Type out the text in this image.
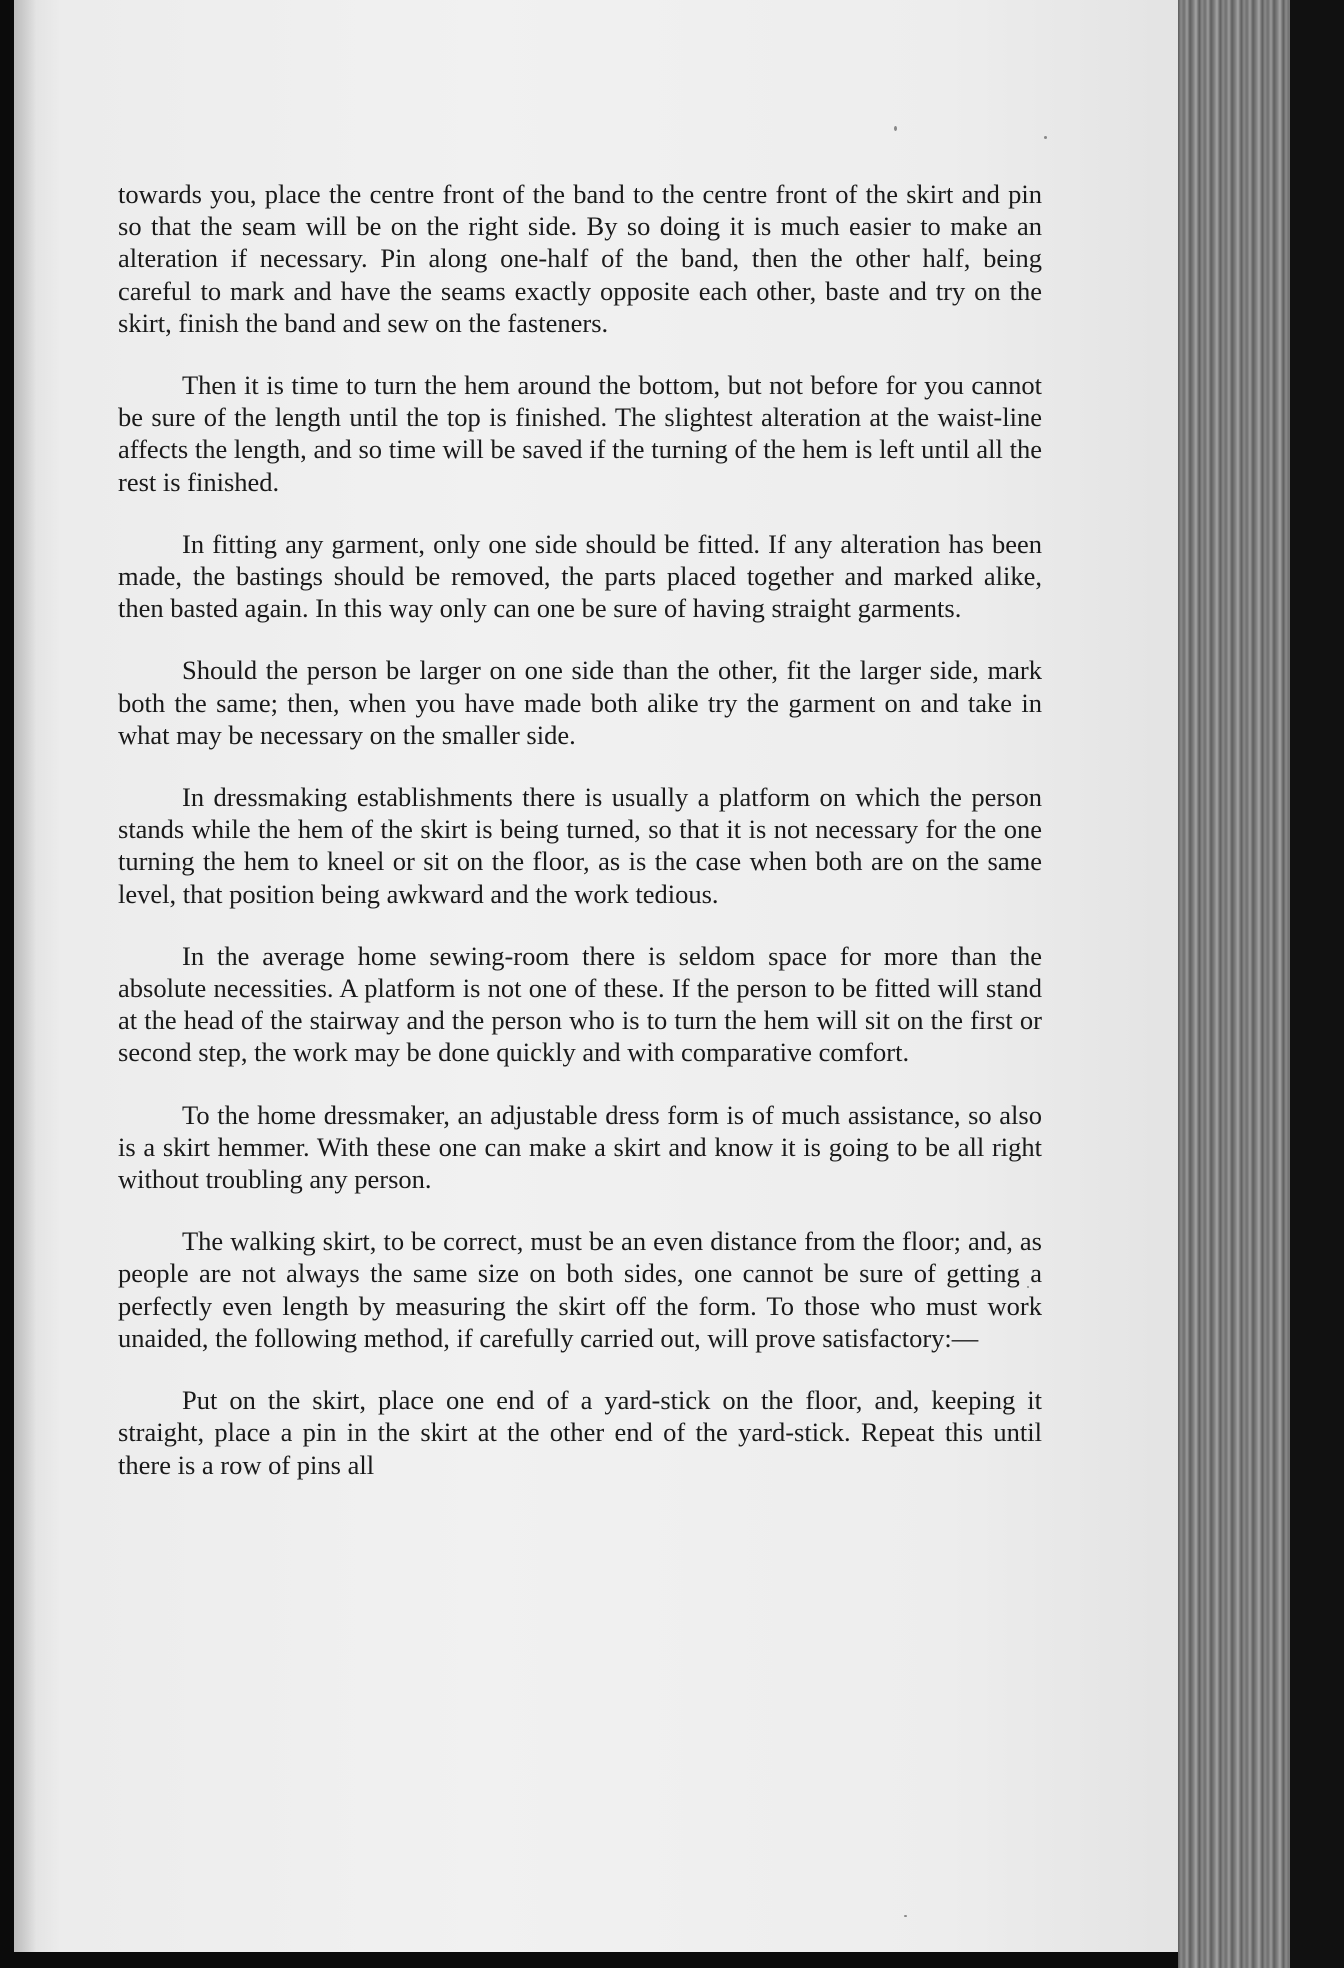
towards you, place the centre front of the band to the centre front of the skirt and pin so that the seam will be on the right side. By so doing it is much easier to make an alteration if necessary. Pin along one-half of the band, then the other half, being careful to mark and have the seams exactly opposite each other, baste and try on the skirt, finish the band and sew on the fasteners.

Then it is time to turn the hem around the bottom, but not before for you cannot be sure of the length until the top is finished. The slightest alteration at the waist-line affects the length, and so time will be saved if the turning of the hem is left until all the rest is finished.

In fitting any garment, only one side should be fitted. If any alteration has been made, the bastings should be removed, the parts placed together and marked alike, then basted again. In this way only can one be sure of having straight garments.

Should the person be larger on one side than the other, fit the larger side, mark both the same; then, when you have made both alike try the garment on and take in what may be necessary on the smaller side.

In dressmaking establishments there is usually a platform on which the person stands while the hem of the skirt is being turned, so that it is not necessary for the one turning the hem to kneel or sit on the floor, as is the case when both are on the same level, that position being awkward and the work tedious.

In the average home sewing-room there is seldom space for more than the absolute necessities. A platform is not one of these. If the person to be fitted will stand at the head of the stairway and the person who is to turn the hem will sit on the first or second step, the work may be done quickly and with comparative comfort.

To the home dressmaker, an adjustable dress form is of much assistance, so also is a skirt hemmer. With these one can make a skirt and know it is going to be all right without troubling any person.

The walking skirt, to be correct, must be an even distance from the floor; and, as people are not always the same size on both sides, one cannot be sure of getting a perfectly even length by measuring the skirt off the form. To those who must work unaided, the following method, if carefully carried out, will prove satisfactory:—

Put on the skirt, place one end of a yard-stick on the floor, and, keeping it straight, place a pin in the skirt at the other end of the yard-stick. Repeat this until there is a row of pins all
